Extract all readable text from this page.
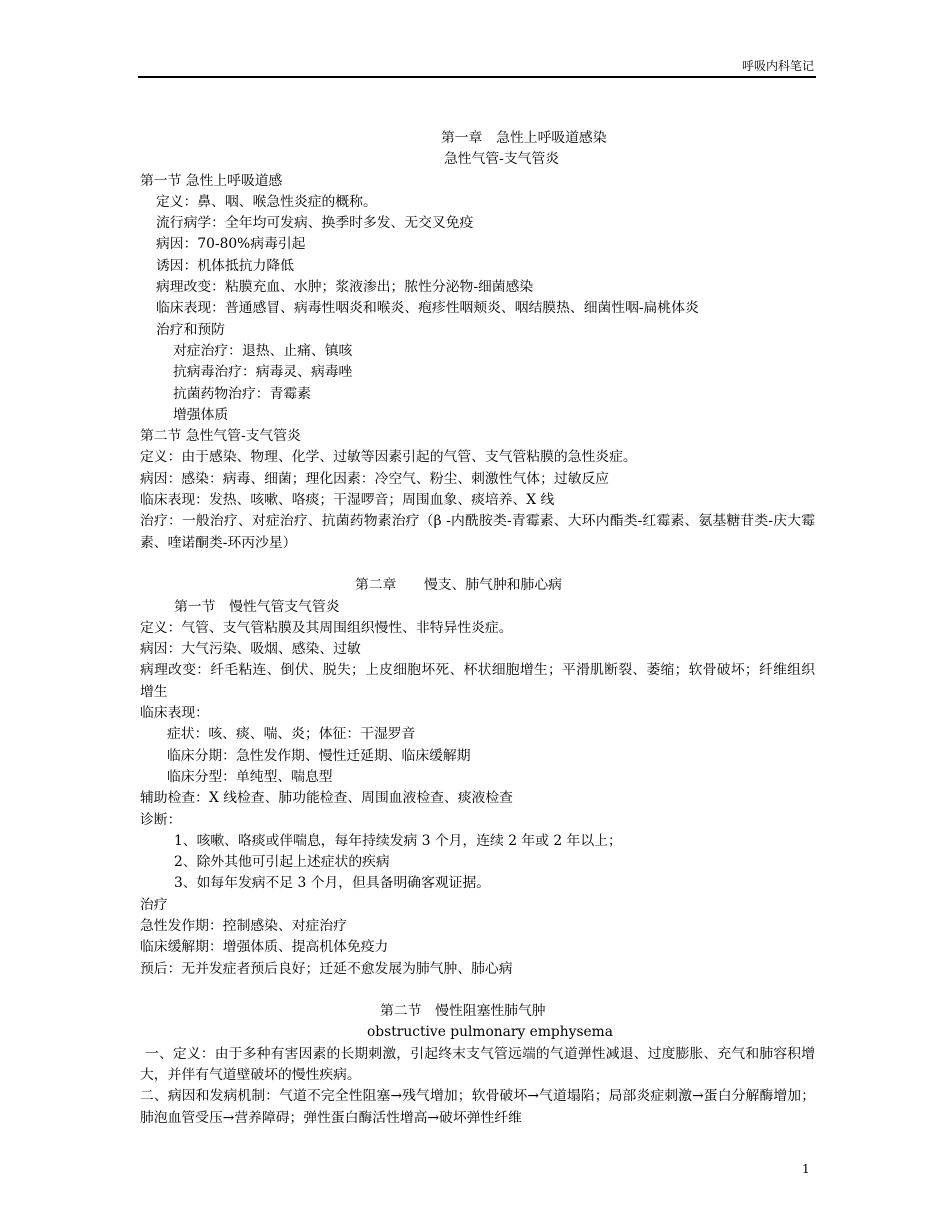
呼吸内科笔记
第一章　急性上呼吸道感染
急性气管-支气管炎
第一节 急性上呼吸道感
定义：鼻、咽、喉急性炎症的概称。
流行病学：全年均可发病、换季时多发、无交叉免疫
病因：70-80%病毒引起
诱因：机体抵抗力降低
病理改变：粘膜充血、水肿；浆液渗出；脓性分泌物-细菌感染
临床表现：普通感冒、病毒性咽炎和喉炎、疱疹性咽颊炎、咽结膜热、细菌性咽-扁桃体炎
治疗和预防
对症治疗：退热、止痛、镇咳
抗病毒治疗：病毒灵、病毒唑
抗菌药物治疗：青霉素
增强体质
第二节 急性气管-支气管炎
定义：由于感染、物理、化学、过敏等因素引起的气管、支气管粘膜的急性炎症。
病因：感染：病毒、细菌；理化因素：冷空气、粉尘、刺激性气体；过敏反应
临床表现：发热、咳嗽、咯痰；干湿啰音；周围血象、痰培养、X 线
治疗：一般治疗、对症治疗、抗菌药物素治疗（β -内酰胺类-青霉素、大环内酯类-红霉素、氨基糖苷类-庆大霉素、喹诺酮类-环丙沙星）
第二章　　慢支、肺气肿和肺心病
第一节　慢性气管支气管炎
定义：气管、支气管粘膜及其周围组织慢性、非特异性炎症。
病因：大气污染、吸烟、感染、过敏
病理改变：纤毛粘连、倒伏、脱失；上皮细胞坏死、杯状细胞增生；平滑肌断裂、萎缩；软骨破坏；纤维组织增生
临床表现：
症状：咳、痰、喘、炎；体征：干湿罗音
临床分期：急性发作期、慢性迁延期、临床缓解期
临床分型：单纯型、喘息型
辅助检查：X 线检查、肺功能检查、周围血液检查、痰液检查
诊断：
1、咳嗽、咯痰或伴喘息，每年持续发病 3 个月，连续 2 年或 2 年以上；
2、除外其他可引起上述症状的疾病
3、如每年发病不足 3 个月，但具备明确客观证据。
治疗
急性发作期：控制感染、对症治疗
临床缓解期：增强体质、提高机体免疫力
预后：无并发症者预后良好；迁延不愈发展为肺气肿、肺心病
第二节　慢性阻塞性肺气肿
obstructive pulmonary emphysema
一、定义：由于多种有害因素的长期刺激，引起终末支气管远端的气道弹性减退、过度膨胀、充气和肺容积增大，并伴有气道壁破坏的慢性疾病。
二、病因和发病机制：气道不完全性阻塞→残气增加；软骨破坏→气道塌陷；局部炎症刺激→蛋白分解酶增加；肺泡血管受压→营养障碍；弹性蛋白酶活性增高→破坏弹性纤维
1
